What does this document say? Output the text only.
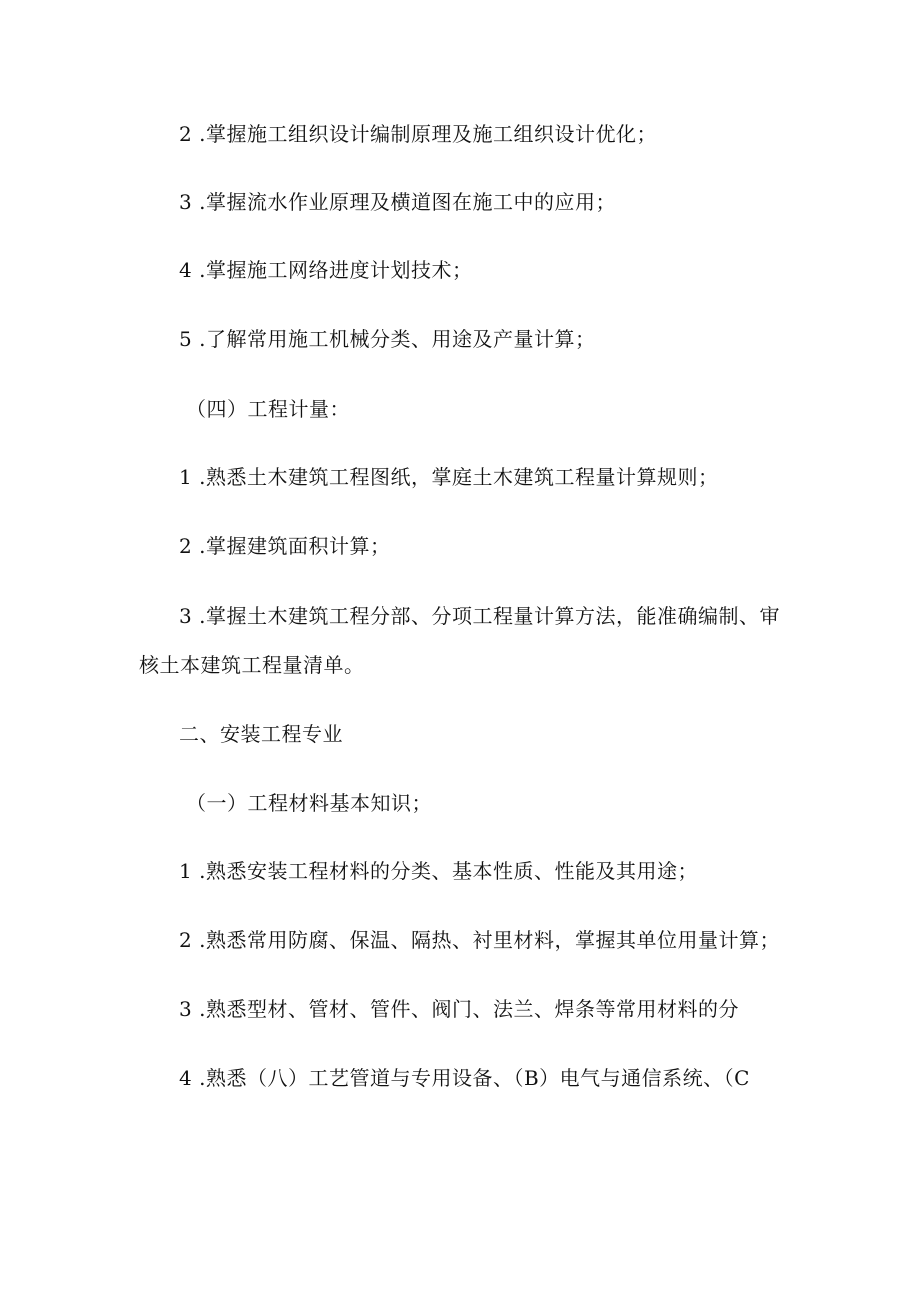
2 .掌握施工组织设计编制原理及施工组织设计优化；
3 .掌握流水作业原理及横道图在施工中的应用；
4 .掌握施工网络进度计划技术；
5 .了解常用施工机械分类、用途及产量计算；
（四）工程计量：
1 .熟悉土木建筑工程图纸，掌庭土木建筑工程量计算规则；
2 .掌握建筑面积计算；
3 .掌握土木建筑工程分部、分项工程量计算方法，能准确编制、审
核土本建筑工程量清单。
二、安装工程专业
（一）工程材料基本知识；
1 .熟悉安装工程材料的分类、基本性质、性能及其用途；
2 .熟悉常用防腐、保温、隔热、衬里材料，掌握其单位用量计算；
3 .熟悉型材、管材、管件、阀门、法兰、焊条等常用材料的分
4 .熟悉（八）工艺管道与专用设备、（B）电气与通信系统、（C
